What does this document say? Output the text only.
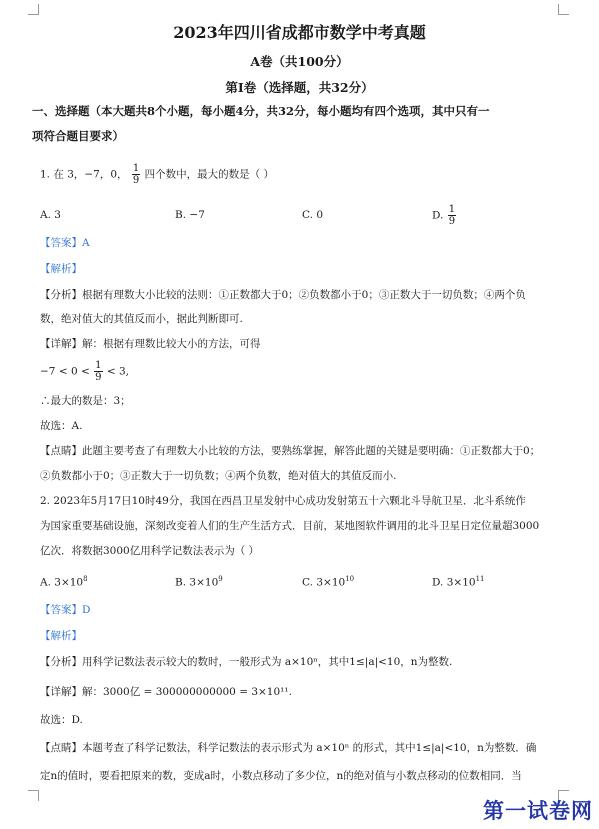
2023年四川省成都市数学中考真题
A卷（共100分）
第Ⅰ卷（选择题，共32分）
一、选择题（本大题共8个小题，每小题4分，共32分，每小题均有四个选项，其中只有一
项符合题目要求）
1. 在 3，−7，0， $\frac{1}{9}$ 四个数中，最大的数是（ ）
A. 3	B. −7	C. 0	D. $\frac{1}{9}$
【答案】A
【解析】
【分析】根据有理数大小比较的法则：①正数都大于0；②负数都小于0；③正数大于一切负数；④两个负
数，绝对值大的其值反而小，据此判断即可.
【详解】解：根据有理数比较大小的方法，可得
$-7 < 0 < \frac{1}{9} < 3$,
∴最大的数是：3；
故选：A.
【点睛】此题主要考查了有理数大小比较的方法，要熟练掌握，解答此题的关键是要明确：①正数都大于0；
②负数都小于0；③正数大于一切负数；④两个负数，绝对值大的其值反而小.
2. 2023年5月17日10时49分，我国在西昌卫星发射中心成功发射第五十六颗北斗导航卫星．北斗系统作
为国家重要基础设施，深刻改变着人们的生产生活方式．目前，某地图软件调用的北斗卫星日定位量超3000
亿次．将数据3000亿用科学记数法表示为（ ）
A. $3\times 10^8$	B. $3\times 10^9$	C. $3\times 10^{10}$	D. $3\times 10^{11}$
【答案】D
【解析】
【分析】用科学记数法表示较大的数时，一般形式为 a×10ⁿ，其中1≤|a|<10，n为整数.
【详解】解：3000亿 = 300000000000 = 3×10¹¹.
故选：D.
【点睛】本题考查了科学记数法，科学记数法的表示形式为 a×10ⁿ 的形式，其中1≤|a|<10，n为整数．确
定n的值时，要看把原来的数，变成a时，小数点移动了多少位，n的绝对值与小数点移动的位数相同．当
第一试卷网
